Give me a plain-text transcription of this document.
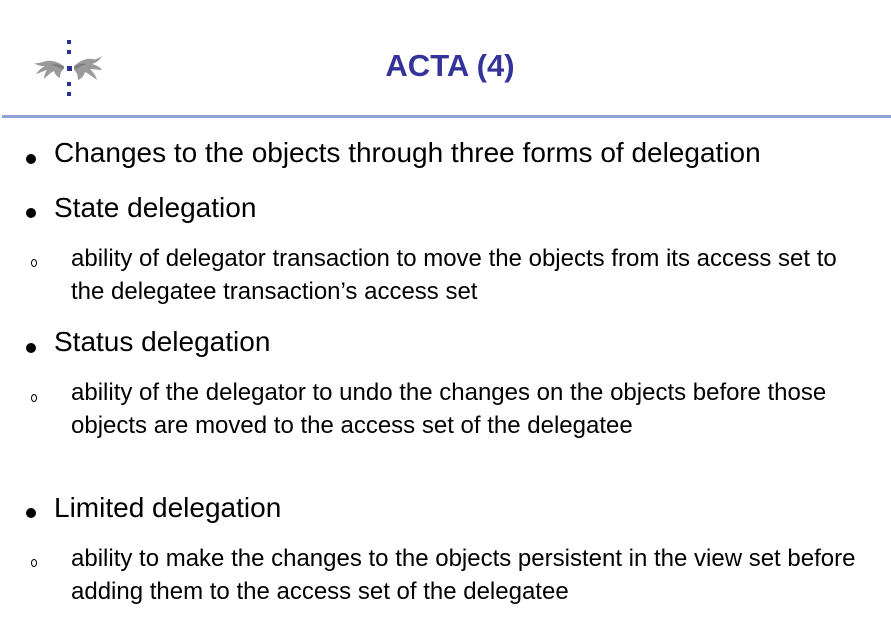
ACTA (4)
Changes to the objects through three forms of delegation
State delegation
ability of delegator transaction to move the objects from its access set to the delegatee transaction’s access set
Status delegation
ability of the delegator to undo the changes on the objects before those objects are moved to the access set of the delegatee
Limited delegation
ability to make the changes to the objects persistent in the view set before adding them to the access set of the delegatee
